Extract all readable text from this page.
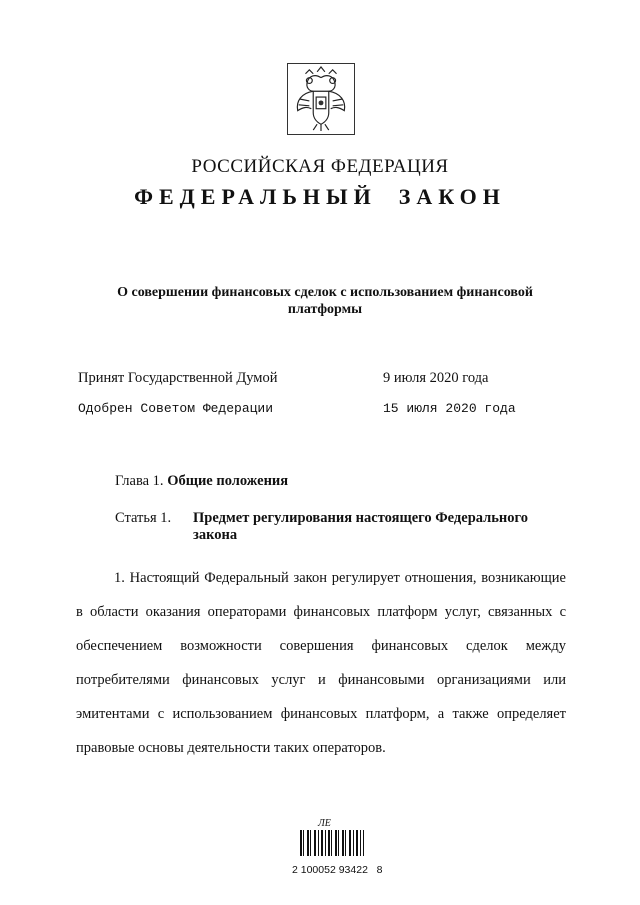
РОССИЙСКАЯ ФЕДЕРАЦИЯ
ФЕДЕРАЛЬНЫЙ ЗАКОН
О совершении финансовых сделок с использованием финансовой платформы
Принят Государственной Думой	9 июля 2020 года
Одобрен Советом Федерации	15 июля 2020 года
Глава 1. Общие положения
Статья 1. Предмет регулирования настоящего Федерального закона
1. Настоящий Федеральный закон регулирует отношения, возникающие в области оказания операторами финансовых платформ услуг, связанных с обеспечением возможности совершения финансовых сделок между потребителями финансовых услуг и финансовыми организациями или эмитентами с использованием финансовых платформ, а также определяет правовые основы деятельности таких операторов.
ЛЕ
2 100052 93422   8
